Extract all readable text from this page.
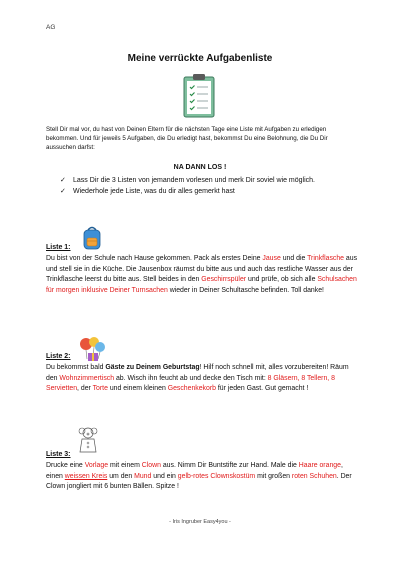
AG
Meine verrückte Aufgabenliste
Stell Dir mal vor, du hast von Deinen Eltern für die nächsten Tage eine Liste mit Aufgaben zu erledigen bekommen. Und für jeweils 5 Aufgaben, die Du erledigt hast, bekommst Du eine Belohnung, die Du Dir aussuchen darfst:
NA DANN LOS !
✓ Lass Dir die 3 Listen von jemandem vorlesen und merk Dir soviel wie möglich.
✓ Wiederhole jede Liste, was du dir alles gemerkt hast
Liste 1:
Du bist von der Schule nach Hause gekommen. Pack als erstes Deine Jause und die Trinkflasche aus und stell sie in die Küche. Die Jausenbox räumst du bitte aus und auch das restliche Wasser aus der Trinkflasche leerst du bitte aus. Stell beides in den Geschirrspüler und prüfe, ob sich alle Schulsachen für morgen inklusive Deiner Turnsachen wieder in Deiner Schultasche befinden. Toll danke!
Liste 2:
Du bekommst bald Gäste zu Deinem Geburtstag! Hilf noch schnell mit, alles vorzubereiten! Räum den Wohnzimmertisch ab. Wisch ihn feucht ab und decke den Tisch mit: 8 Gläsern, 8 Tellern, 8 Servietten, der Torte und einem kleinen Geschenkekorb für jeden Gast. Gut gemacht !
Liste 3:
Drucke eine Vorlage mit einem Clown aus. Nimm Dir Buntstifte zur Hand. Male die Haare orange, einen weissen Kreis um den Mund und ein gelb-rotes Clownskostüm mit großen roten Schuhen. Der Clown jongliert mit 6 bunten Bällen. Spitze !
- Iris Ingruber Easy4you -
